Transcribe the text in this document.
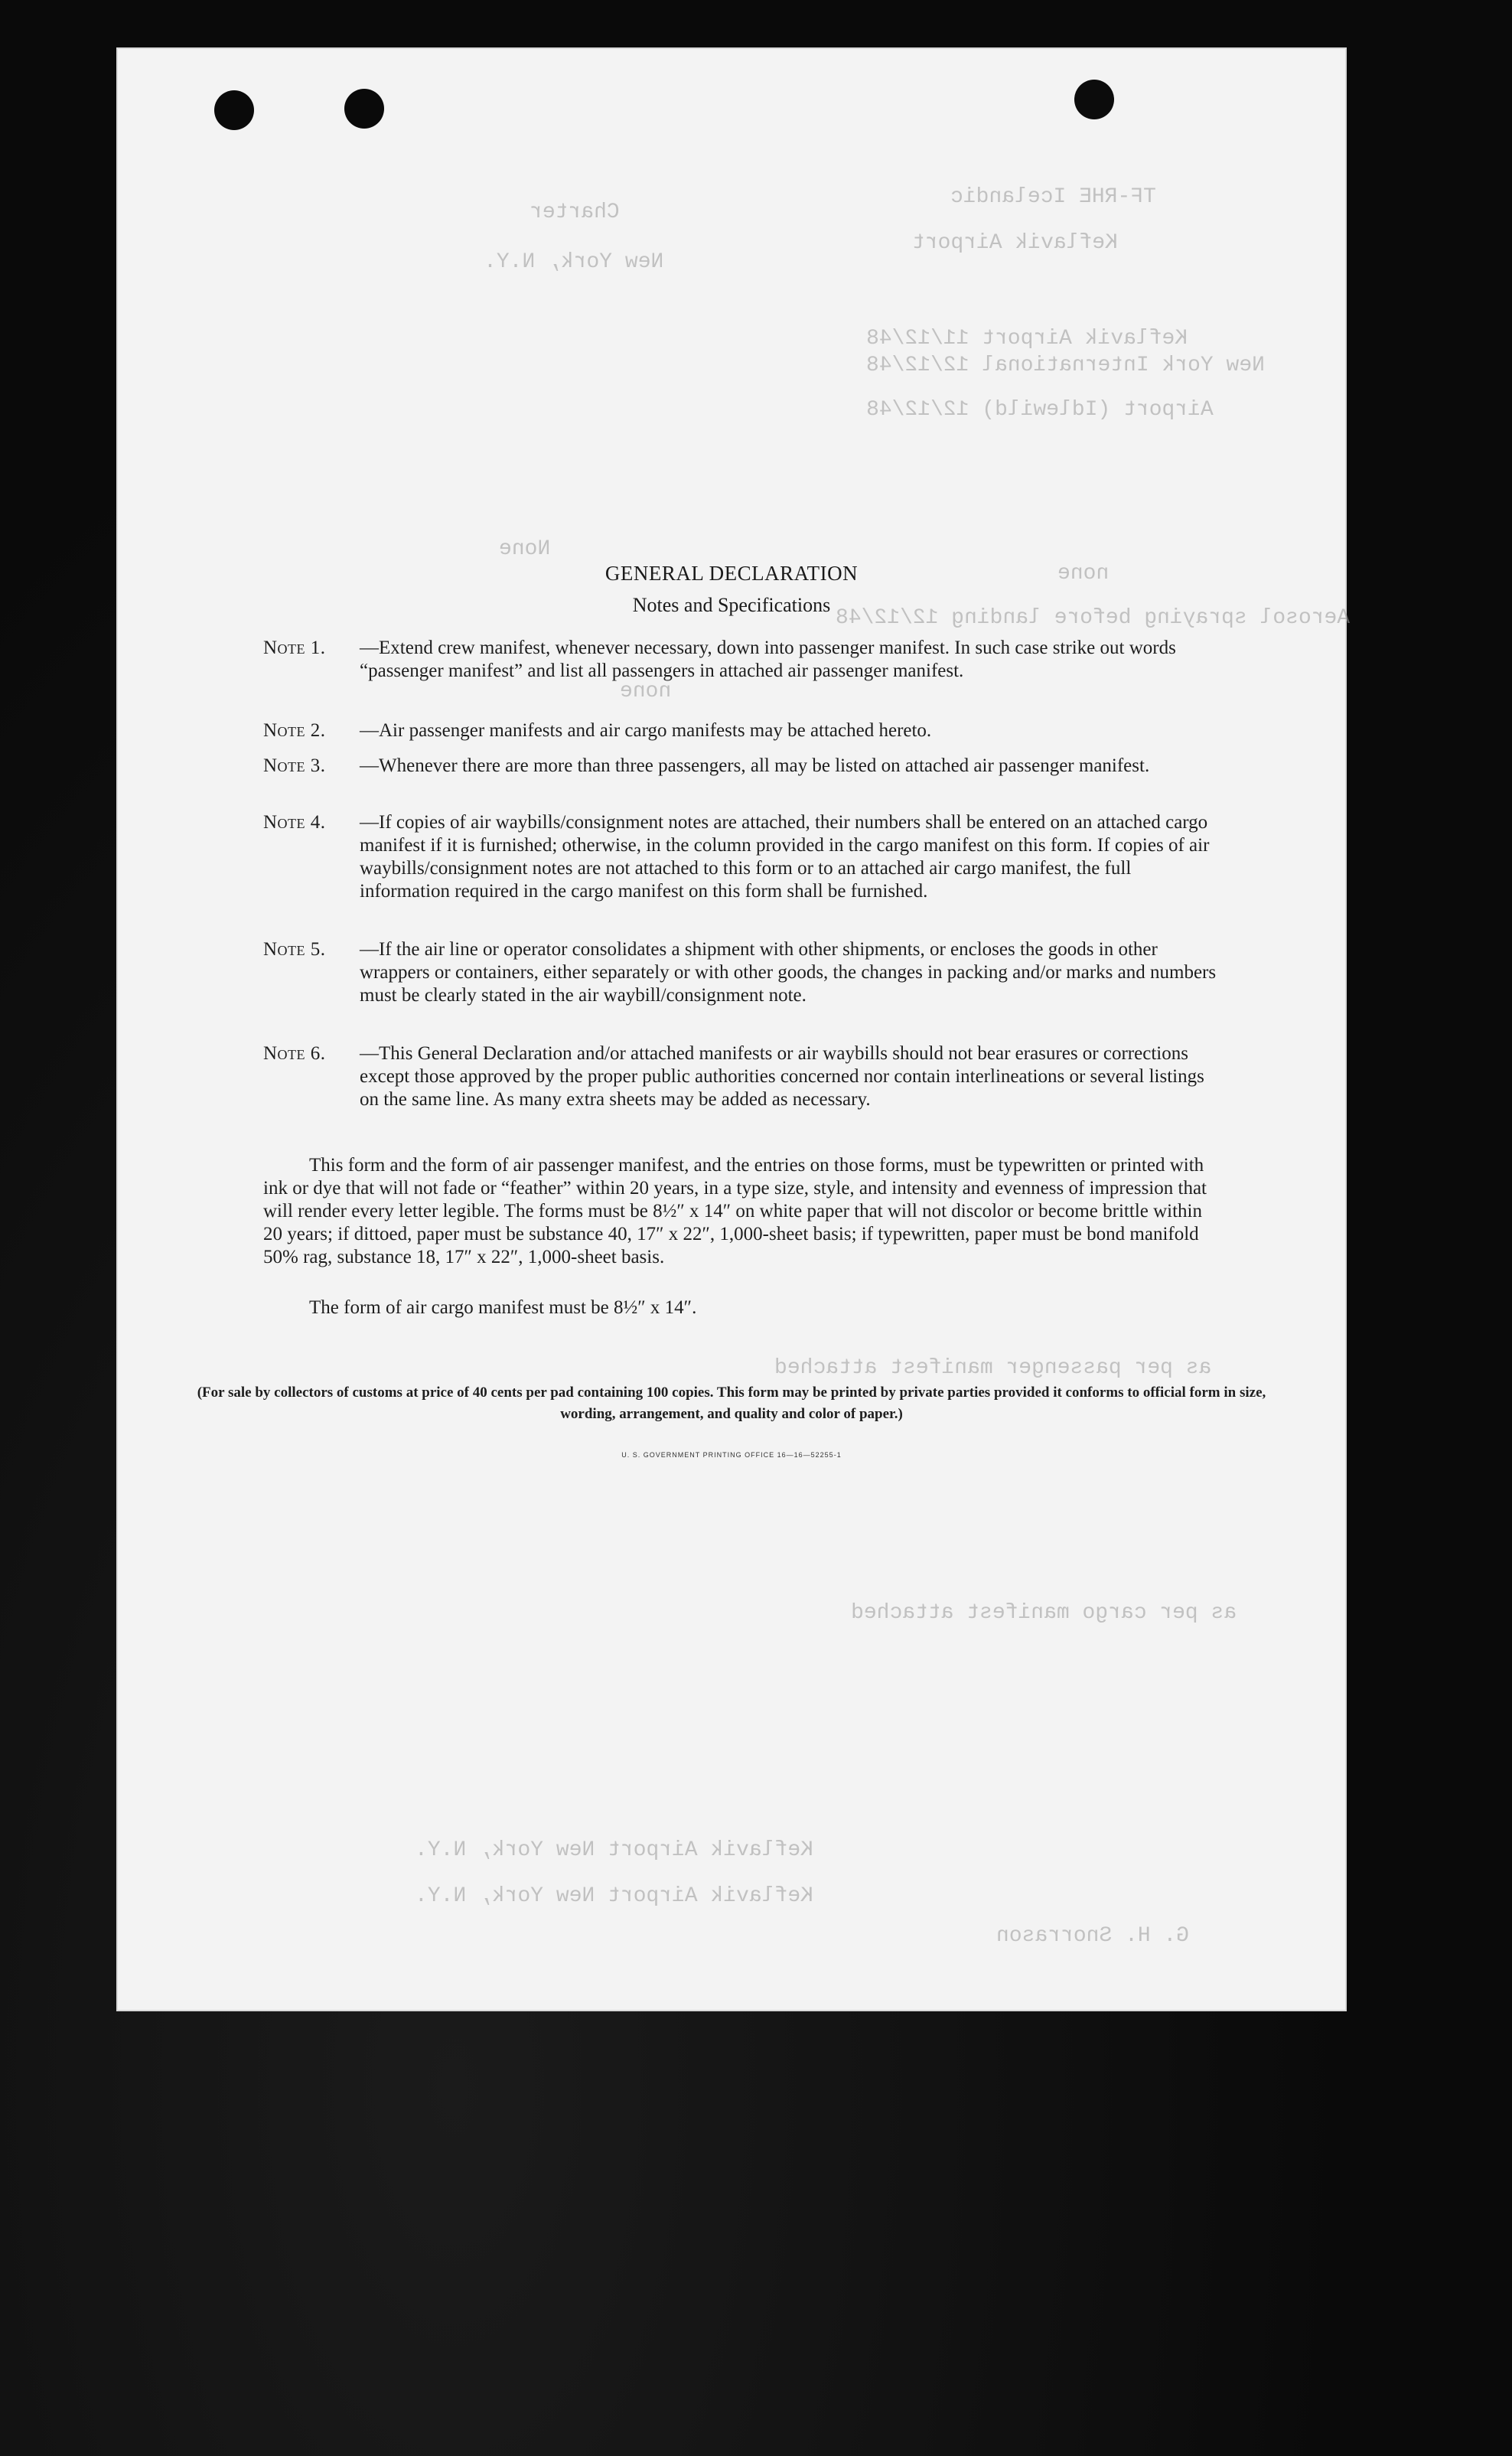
TF-RHE Icelandic
Charter
Keflavik Airport
New York, N.Y.
Keflavik Airport 11/12/48
New York International 12/12/48
Airport (Idlewild) 12/12/48
None
none
Aerosol spraying before landing 12/12/48
none
as per passenger manifest attached
as per cargo manifest attached
Keflavik Airport New York, N.Y.
Keflavik Airport New York, N.Y.
G. H. Snorrason
GENERAL DECLARATION
Notes and Specifications
Note 1.	—Extend crew manifest, whenever necessary, down into passenger manifest. In such case strike out words “passenger manifest” and list all passengers in attached air passenger manifest.
Note 2.	—Air passenger manifests and air cargo manifests may be attached hereto.
Note 3.	—Whenever there are more than three passengers, all may be listed on attached air passenger manifest.
Note 4.	—If copies of air waybills/consignment notes are attached, their numbers shall be entered on an attached cargo manifest if it is furnished; otherwise, in the column provided in the cargo manifest on this form. If copies of air waybills/consignment notes are not attached to this form or to an attached air cargo manifest, the full information required in the cargo manifest on this form shall be furnished.
Note 5.	—If the air line or operator consolidates a shipment with other shipments, or encloses the goods in other wrappers or containers, either separately or with other goods, the changes in packing and/or marks and numbers must be clearly stated in the air waybill/consignment note.
Note 6.	—This General Declaration and/or attached manifests or air waybills should not bear erasures or corrections except those approved by the proper public authorities concerned nor contain interlineations or several listings on the same line. As many extra sheets may be added as necessary.
This form and the form of air passenger manifest, and the entries on those forms, must be typewritten or printed with ink or dye that will not fade or “feather” within 20 years, in a type size, style, and intensity and evenness of impression that will render every letter legible. The forms must be 8½″ x 14″ on white paper that will not discolor or become brittle within 20 years; if dittoed, paper must be substance 40, 17″ x 22″, 1,000-sheet basis; if typewritten, paper must be bond manifold 50% rag, substance 18, 17″ x 22″, 1,000-sheet basis.
The form of air cargo manifest must be 8½″ x 14″.
(For sale by collectors of customs at price of 40 cents per pad containing 100 copies. This form may be printed by private parties provided it conforms to official form in size, wording, arrangement, and quality and color of paper.)
U. S. GOVERNMENT PRINTING OFFICE 16—16—52255-1
